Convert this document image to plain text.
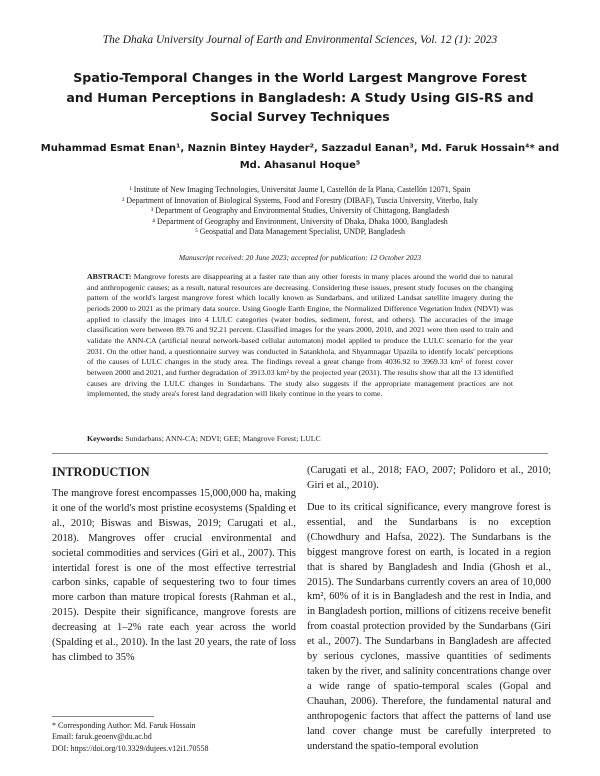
The Dhaka University Journal of Earth and Environmental Sciences, Vol. 12 (1): 2023
Spatio-Temporal Changes in the World Largest Mangrove Forest and Human Perceptions in Bangladesh: A Study Using GIS-RS and Social Survey Techniques
Muhammad Esmat Enan¹, Naznin Bintey Hayder², Sazzadul Eanan³, Md. Faruk Hossain⁴* and Md. Ahasanul Hoque⁵
¹ Institute of New Imaging Technologies, Universitat Jaume I, Castellón de la Plana, Castellón 12071, Spain
² Department of Innovation of Biological Systems, Food and Forestry (DIBAF), Tuscia University, Viterbo, Italy
³ Department of Geography and Environmental Studies, University of Chittagong, Bangladesh
⁴ Department of Geography and Environment, University of Dhaka, Dhaka 1000, Bangladesh
⁵ Geospatial and Data Management Specialist, UNDP, Bangladesh
Manuscript received: 20 June 2023; accepted for publication: 12 October 2023
ABSTRACT: Mangrove forests are disappearing at a faster rate than any other forests in many places around the world due to natural and anthropogenic causes; as a result, natural resources are decreasing. Considering these issues, present study focuses on the changing pattern of the world's largest mangrove forest which locally known as Sundarbans, and utilized Landsat satellite imagery during the periods 2000 to 2021 as the primary data source. Using Google Earth Engine, the Normalized Difference Vegetation Index (NDVI) was applied to classify the images into 4 LULC categories (water bodies, sediment, forest, and others). The accuracies of the image classification were between 89.76 and 92.21 percent. Classified images for the years 2000, 2010, and 2021 were then used to train and validate the ANN-CA (artificial neural network-based cellular automaton) model applied to produce the LULC scenario for the year 2031. On the other hand, a questionnaire survey was conducted in Satankhola, and Shyamnagar Upazila to identify locals' perceptions of the causes of LULC changes in the study area. The findings reveal a great change from 4036.92 to 3969.33 km² of forest cover between 2000 and 2021, and further degradation of 3913.03 km² by the projected year (2031). The results show that all the 13 identified causes are driving the LULC changes in Sundarbans. The study also suggests if the appropriate management practices are not implemented, the study area's forest land degradation will likely continue in the years to come.
Keywords: Sundarbans; ANN-CA; NDVI; GEE; Mangrove Forest; LULC
INTRODUCTION
The mangrove forest encompasses 15,000,000 ha, making it one of the world's most pristine ecosystems (Spalding et al., 2010; Biswas and Biswas, 2019; Carugati et al., 2018). Mangroves offer crucial environmental and societal commodities and services (Giri et al., 2007). This intertidal forest is one of the most effective terrestrial carbon sinks, capable of sequestering two to four times more carbon than mature tropical forests (Rahman et al., 2015). Despite their significance, mangrove forests are decreasing at 1–2% rate each year across the world (Spalding et al., 2010). In the last 20 years, the rate of loss has climbed to 35%
(Carugati et al., 2018; FAO, 2007; Polidoro et al., 2010; Giri et al., 2010).
Due to its critical significance, every mangrove forest is essential, and the Sundarbans is no exception (Chowdhury and Hafsa, 2022). The Sundarbans is the biggest mangrove forest on earth, is located in a region that is shared by Bangladesh and India (Ghosh et al., 2015). The Sundarbans currently covers an area of 10,000 km², 60% of it is in Bangladesh and the rest in India, and in Bangladesh portion, millions of citizens receive benefit from coastal protection provided by the Sundarbans (Giri et al., 2007). The Sundarbans in Bangladesh are affected by serious cyclones, massive quantities of sediments taken by the river, and salinity concentrations change over a wide range of spatio-temporal scales (Gopal and Chauhan, 2006). Therefore, the fundamental natural and anthropogenic factors that affect the patterns of land use land cover change must be carefully interpreted to understand the spatio-temporal evolution
* Corresponding Author: Md. Faruk Hossain
Email: faruk.geoenv@du.ac.bd
DOI: https://doi.org/10.3329/dujees.v12i1.70558
